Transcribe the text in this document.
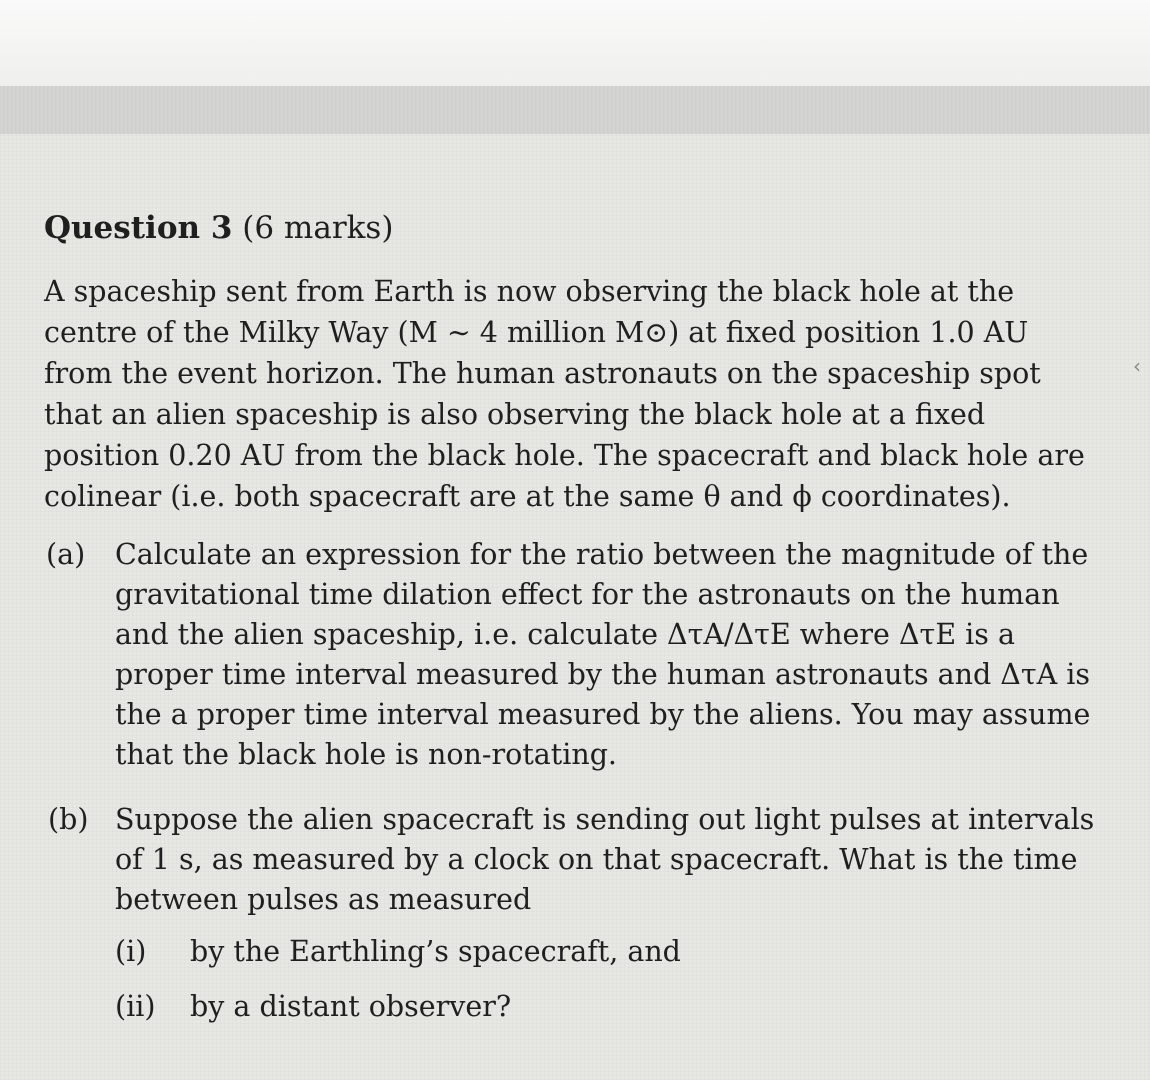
‹
Question 3 (6 marks)
A spaceship sent from Earth is now observing the black hole at the
centre of the Milky Way (M ∼ 4 million M⊙) at fixed position 1.0 AU
from the event horizon. The human astronauts on the spaceship spot
that an alien spaceship is also observing the black hole at a fixed
position 0.20 AU from the black hole. The spacecraft and black hole are
colinear (i.e. both spacecraft are at the same θ and ϕ coordinates).
(a) Calculate an expression for the ratio between the magnitude of the
gravitational time dilation effect for the astronauts on the human
and the alien spaceship, i.e. calculate ΔτA/ΔτE where ΔτE is a
proper time interval measured by the human astronauts and ΔτA is
the a proper time interval measured by the aliens. You may assume
that the black hole is non-rotating.
(b) Suppose the alien spacecraft is sending out light pulses at intervals
of 1 s, as measured by a clock on that spacecraft. What is the time
between pulses as measured
(i) by the Earthling’s spacecraft, and
(ii) by a distant observer?
